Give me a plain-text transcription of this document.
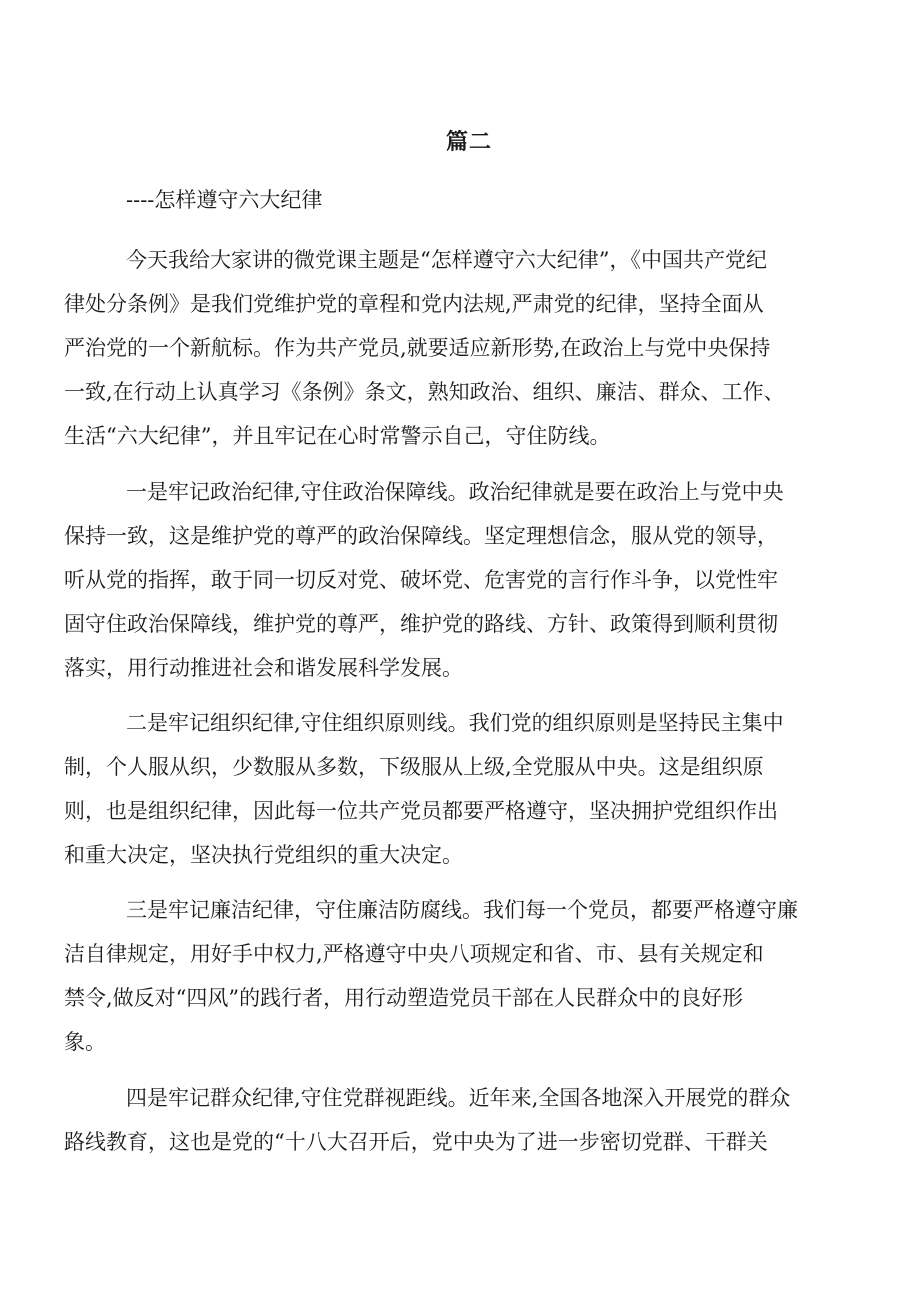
篇二
----怎样遵守六大纪律
今天我给大家讲的微党课主题是“怎样遵守六大纪律”，《中国共产党纪
律处分条例》是我们党维护党的章程和党内法规,严肃党的纪律，坚持全面从
严治党的一个新航标。作为共产党员,就要适应新形势,在政治上与党中央保持
一致,在行动上认真学习《条例》条文，熟知政治、组织、廉洁、群众、工作、
生活“六大纪律”，并且牢记在心时常警示自己，守住防线。
一是牢记政治纪律,守住政治保障线。政治纪律就是要在政治上与党中央
保持一致，这是维护党的尊严的政治保障线。坚定理想信念，服从党的领导，
听从党的指挥，敢于同一切反对党、破坏党、危害党的言行作斗争，以党性牢
固守住政治保障线，维护党的尊严，维护党的路线、方针、政策得到顺利贯彻
落实，用行动推进社会和谐发展科学发展。
二是牢记组织纪律,守住组织原则线。我们党的组织原则是坚持民主集中
制，个人服从织，少数服从多数，下级服从上级,全党服从中央。这是组织原
则，也是组织纪律，因此每一位共产党员都要严格遵守，坚决拥护党组织作出
和重大决定，坚决执行党组织的重大决定。
三是牢记廉洁纪律，守住廉洁防腐线。我们每一个党员，都要严格遵守廉
洁自律规定，用好手中权力,严格遵守中央八项规定和省、市、县有关规定和
禁令,做反对“四风”的践行者，用行动塑造党员干部在人民群众中的良好形
象。
四是牢记群众纪律,守住党群视距线。近年来,全国各地深入开展党的群众
路线教育，这也是党的“十八大召开后，党中央为了进一步密切党群、干群关
